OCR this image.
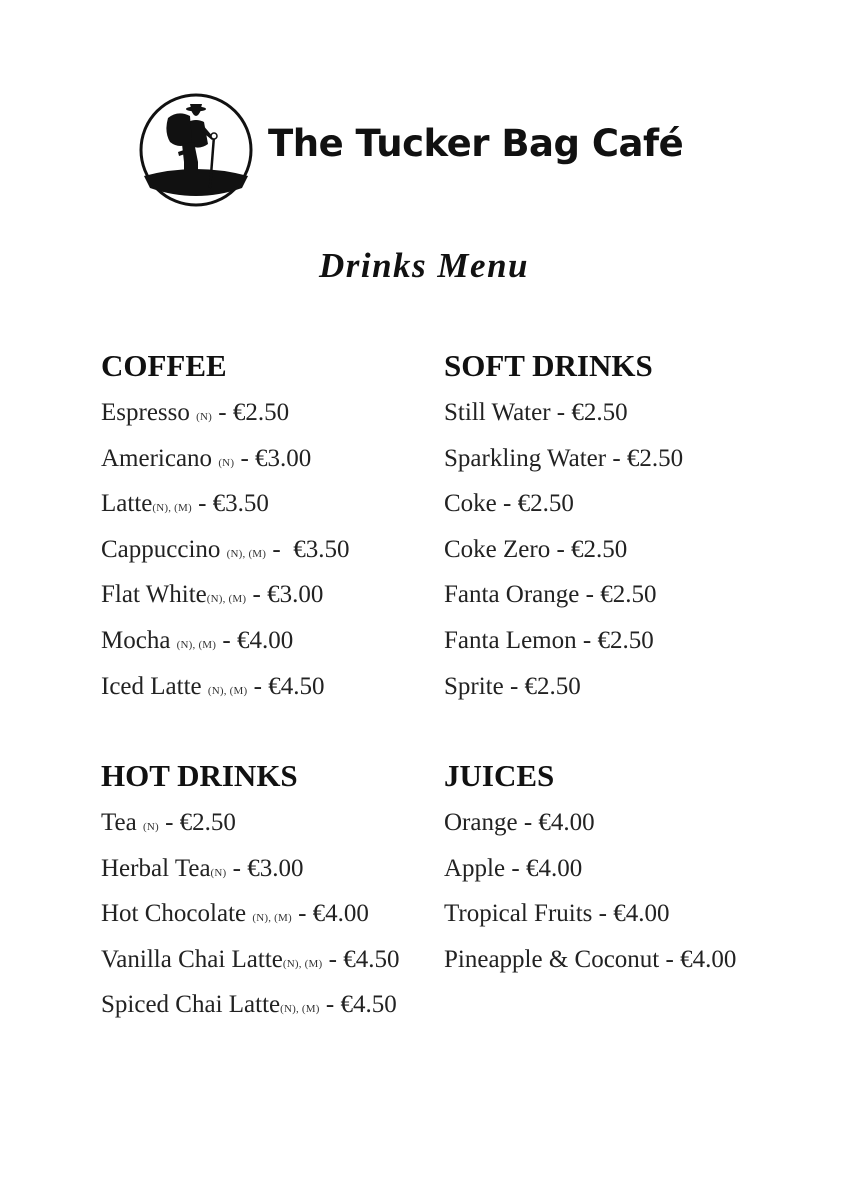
The Tucker Bag Café
Drinks Menu
COFFEE
Espresso (N) - €2.50
Americano (N) - €3.00
Latte(N), (M) - €3.50
Cappuccino (N), (M) -  €3.50
Flat White(N), (M) - €3.00
Mocha (N), (M) - €4.00
Iced Latte (N), (M) - €4.50
SOFT DRINKS
Still Water - €2.50
Sparkling Water - €2.50
Coke - €2.50
Coke Zero - €2.50
Fanta Orange - €2.50
Fanta Lemon - €2.50
Sprite - €2.50
HOT DRINKS
Tea (N) - €2.50
Herbal Tea(N) - €3.00
Hot Chocolate (N), (M) - €4.00
Vanilla Chai Latte(N), (M) - €4.50
Spiced Chai Latte(N), (M) - €4.50
JUICES
Orange - €4.00
Apple - €4.00
Tropical Fruits - €4.00
Pineapple & Coconut - €4.00
